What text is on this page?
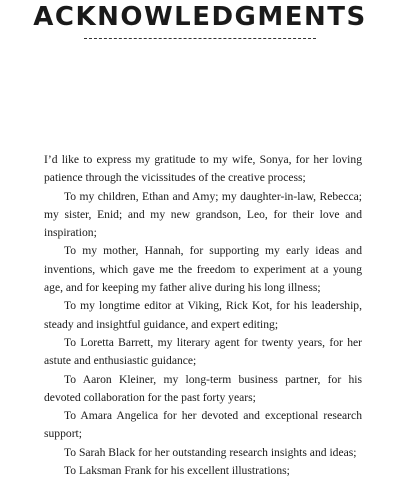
ACKNOWLEDGMENTS

I’d like to express my gratitude to my wife, Sonya, for her loving patience through the vicissitudes of the creative process;

To my children, Ethan and Amy; my daughter-in-law, Rebecca; my sister, Enid; and my new grandson, Leo, for their love and inspiration;

To my mother, Hannah, for supporting my early ideas and inventions, which gave me the freedom to experiment at a young age, and for keeping my father alive during his long illness;

To my longtime editor at Viking, Rick Kot, for his leadership, steady and insightful guidance, and expert editing;

To Loretta Barrett, my literary agent for twenty years, for her astute and enthusiastic guidance;

To Aaron Kleiner, my long-term business partner, for his devoted collaboration for the past forty years;

To Amara Angelica for her devoted and exceptional research support;

To Sarah Black for her outstanding research insights and ideas;

To Laksman Frank for his excellent illustrations;
